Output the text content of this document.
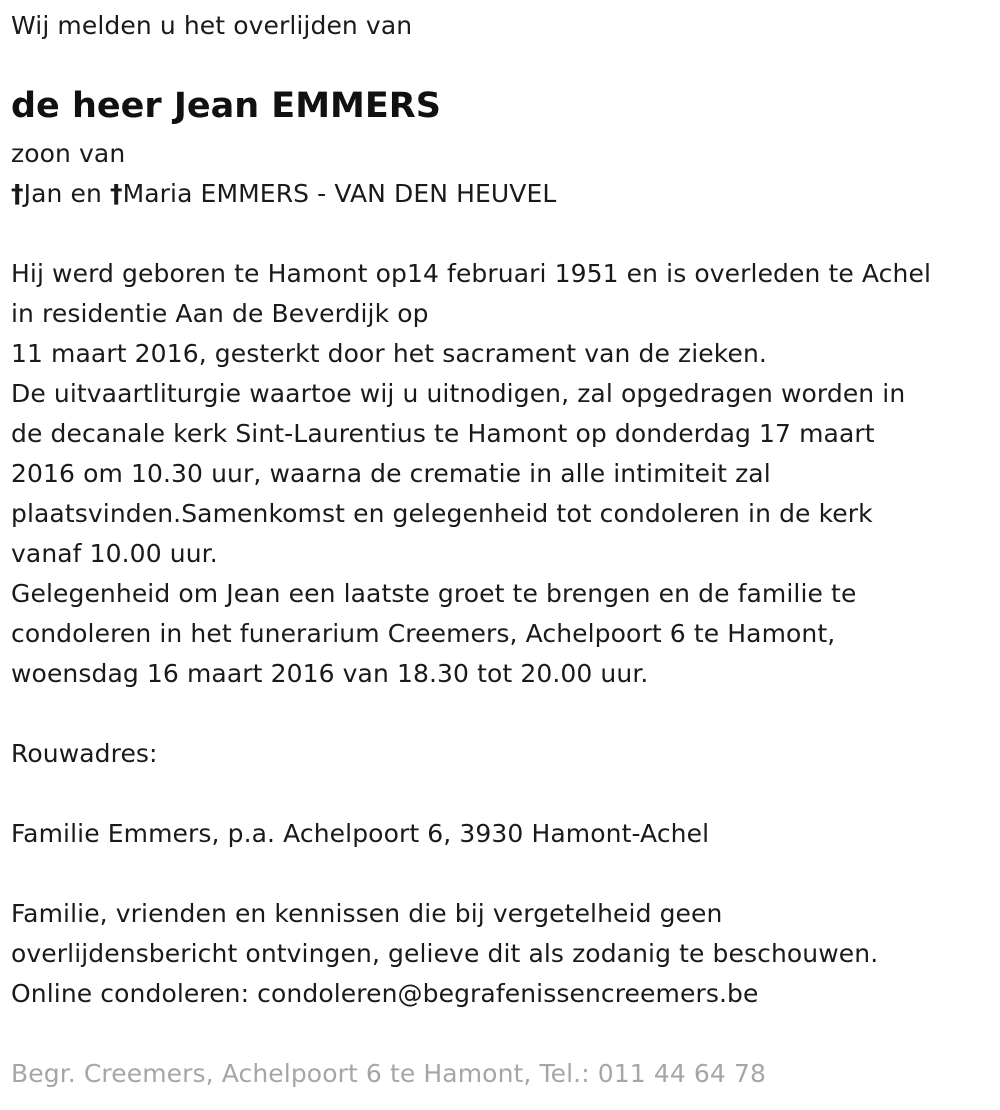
Wij melden u het overlijden van
de heer Jean EMMERS
zoon van
†Jan en †Maria EMMERS - VAN DEN HEUVEL
Hij werd geboren te Hamont op14 februari 1951 en is overleden te Achel
in residentie Aan de Beverdijk op
11 maart 2016, gesterkt door het sacrament van de zieken.
De uitvaartliturgie waartoe wij u uitnodigen, zal opgedragen worden in
de decanale kerk Sint-Laurentius te Hamont op donderdag 17 maart
2016 om 10.30 uur, waarna de crematie in alle intimiteit zal
plaatsvinden.Samenkomst en gelegenheid tot condoleren in de kerk
vanaf 10.00 uur.
Gelegenheid om Jean een laatste groet te brengen en de familie te
condoleren in het funerarium Creemers, Achelpoort 6 te Hamont,
woensdag 16 maart 2016 van 18.30 tot 20.00 uur.
Rouwadres:
Familie Emmers, p.a. Achelpoort 6, 3930 Hamont-Achel
Familie, vrienden en kennissen die bij vergetelheid geen
overlijdensbericht ontvingen, gelieve dit als zodanig te beschouwen.
Online condoleren: condoleren@begrafenissencreemers.be
Begr. Creemers, Achelpoort 6 te Hamont, Tel.: 011 44 64 78
